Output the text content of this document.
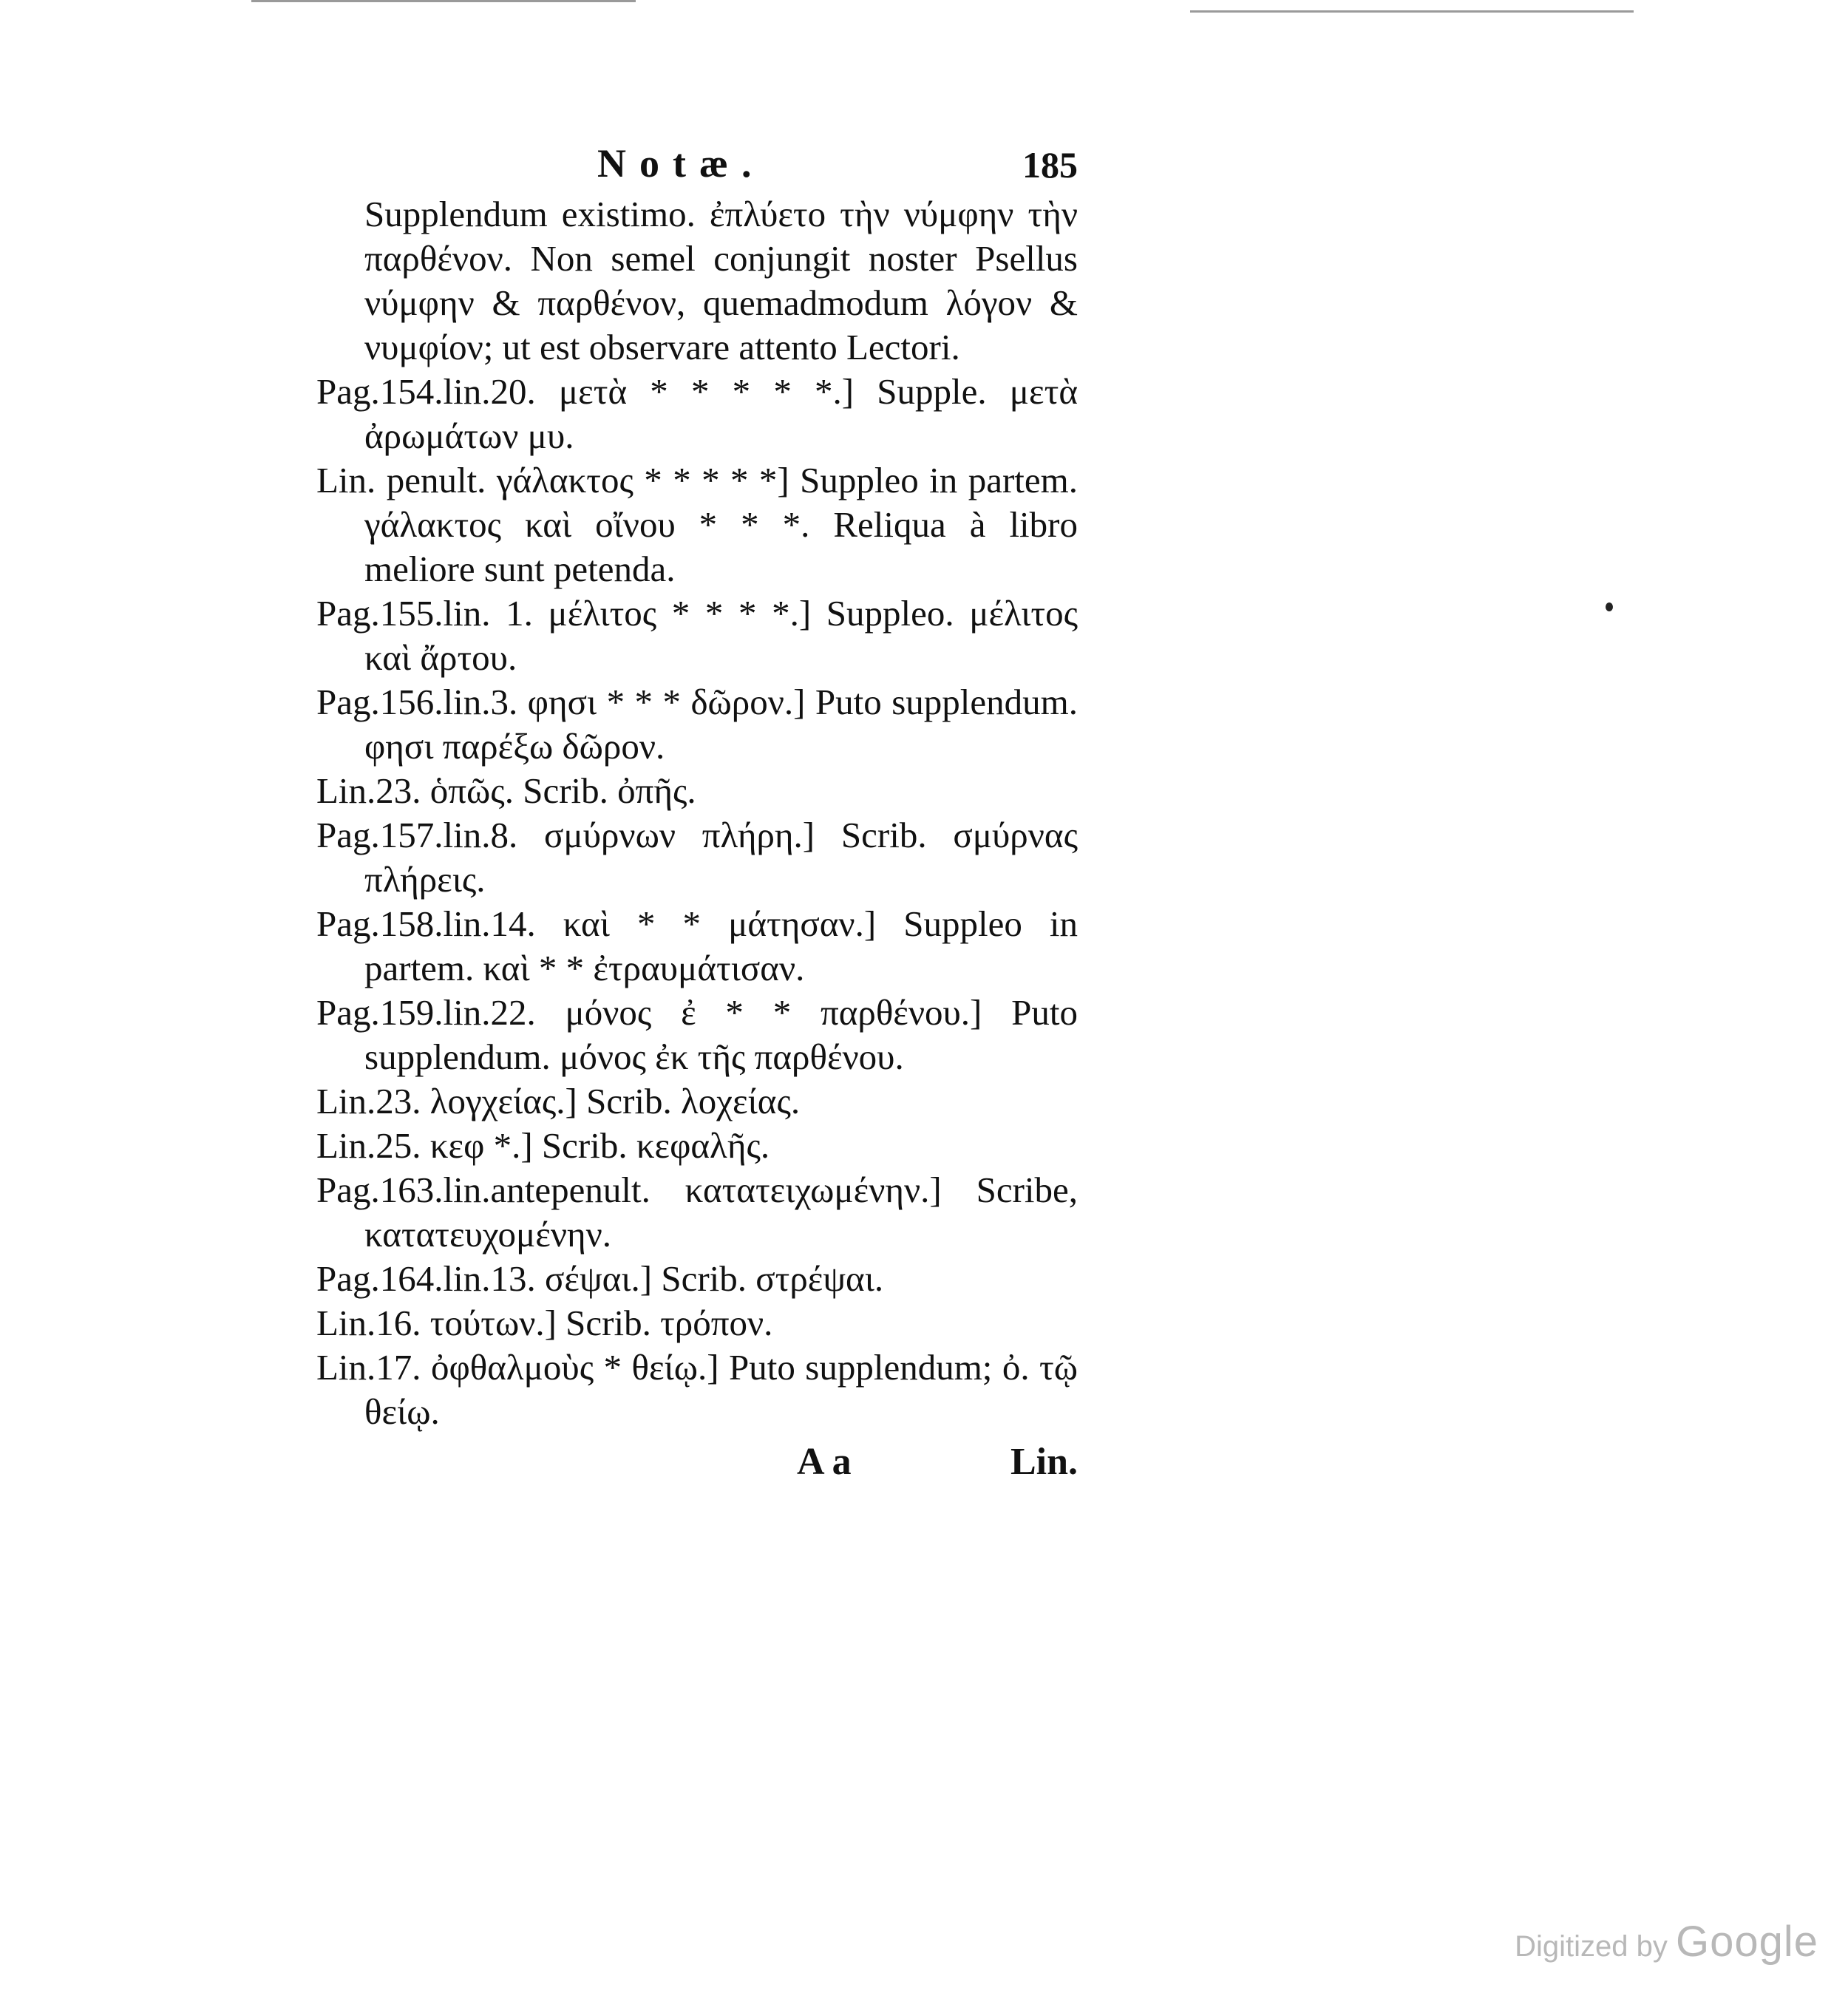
Notæ.	185

Supplendum existimo. ἐπλύετο τὴν νύμφην τὴν παρθένον. Non semel conjungit noster Psellus νύμφην & παρθένον, quemadmodum λόγον & νυμφίον; ut est observare attento Lectori.

Pag.154.lin.20. μετὰ * * * * *.] Supple. μετὰ ἀρωμάτων μυ.

Lin. penult. γάλακτος * * * * *] Suppleo in partem. γάλακτος καὶ οἴνου * * *. Reliqua à libro meliore sunt petenda.

Pag.155.lin. 1. μέλιτος * * * *.] Suppleo. μέλιτος καὶ ἄρτου.

Pag.156.lin.3. φησι * * * δῶρον.] Puto supplendum. φησι παρέξω δῶρον.

Lin.23. ὁπῶς. Scrib. ὀπῆς.

Pag.157.lin.8. σμύρνων πλήρη.] Scrib. σμύρνας πλήρεις.

Pag.158.lin.14. καὶ * * μάτησαν.] Suppleo in partem. καὶ * * ἐτραυμάτισαν.

Pag.159.lin.22. μόνος ἐ * * παρθένου.] Puto supplendum. μόνος ἐκ τῆς παρθένου.

Lin.23. λογχείας.] Scrib. λοχείας.

Lin.25. κεφ *.] Scrib. κεφαλῆς.

Pag.163.lin.antepenult. κατατειχωμένην.] Scribe, κατατευχομένην.

Pag.164.lin.13. σέψαι.] Scrib. στρέψαι.

Lin.16. τούτων.] Scrib. τρόπον.

Lin.17. ὀφθαλμοὺς * θείῳ.] Puto supplendum; ὀ. τῷ θείῳ.

A a	Lin.
Digitized by Google
